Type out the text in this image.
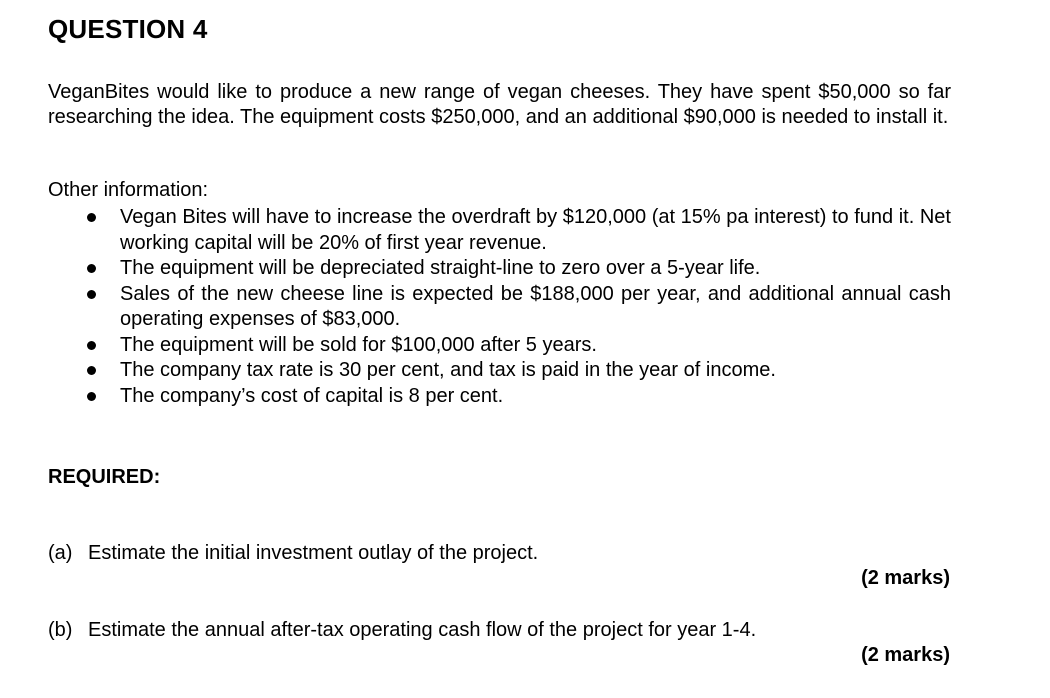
QUESTION 4
VeganBites would like to produce a new range of vegan cheeses. They have spent $50,000 so far researching the idea. The equipment costs $250,000, and an additional $90,000 is needed to install it.
Other information:
Vegan Bites will have to increase the overdraft by $120,000 (at 15% pa interest) to fund it. Net working capital will be 20% of first year revenue.
The equipment will be depreciated straight-line to zero over a 5-year life.
Sales of the new cheese line is expected be $188,000 per year, and additional annual cash operating expenses of $83,000.
The equipment will be sold for $100,000 after 5 years.
The company tax rate is 30 per cent, and tax is paid in the year of income.
The company’s cost of capital is 8 per cent.
REQUIRED:
(a) Estimate the initial investment outlay of the project.
(2 marks)
(b) Estimate the annual after-tax operating cash flow of the project for year 1-4.
(2 marks)
